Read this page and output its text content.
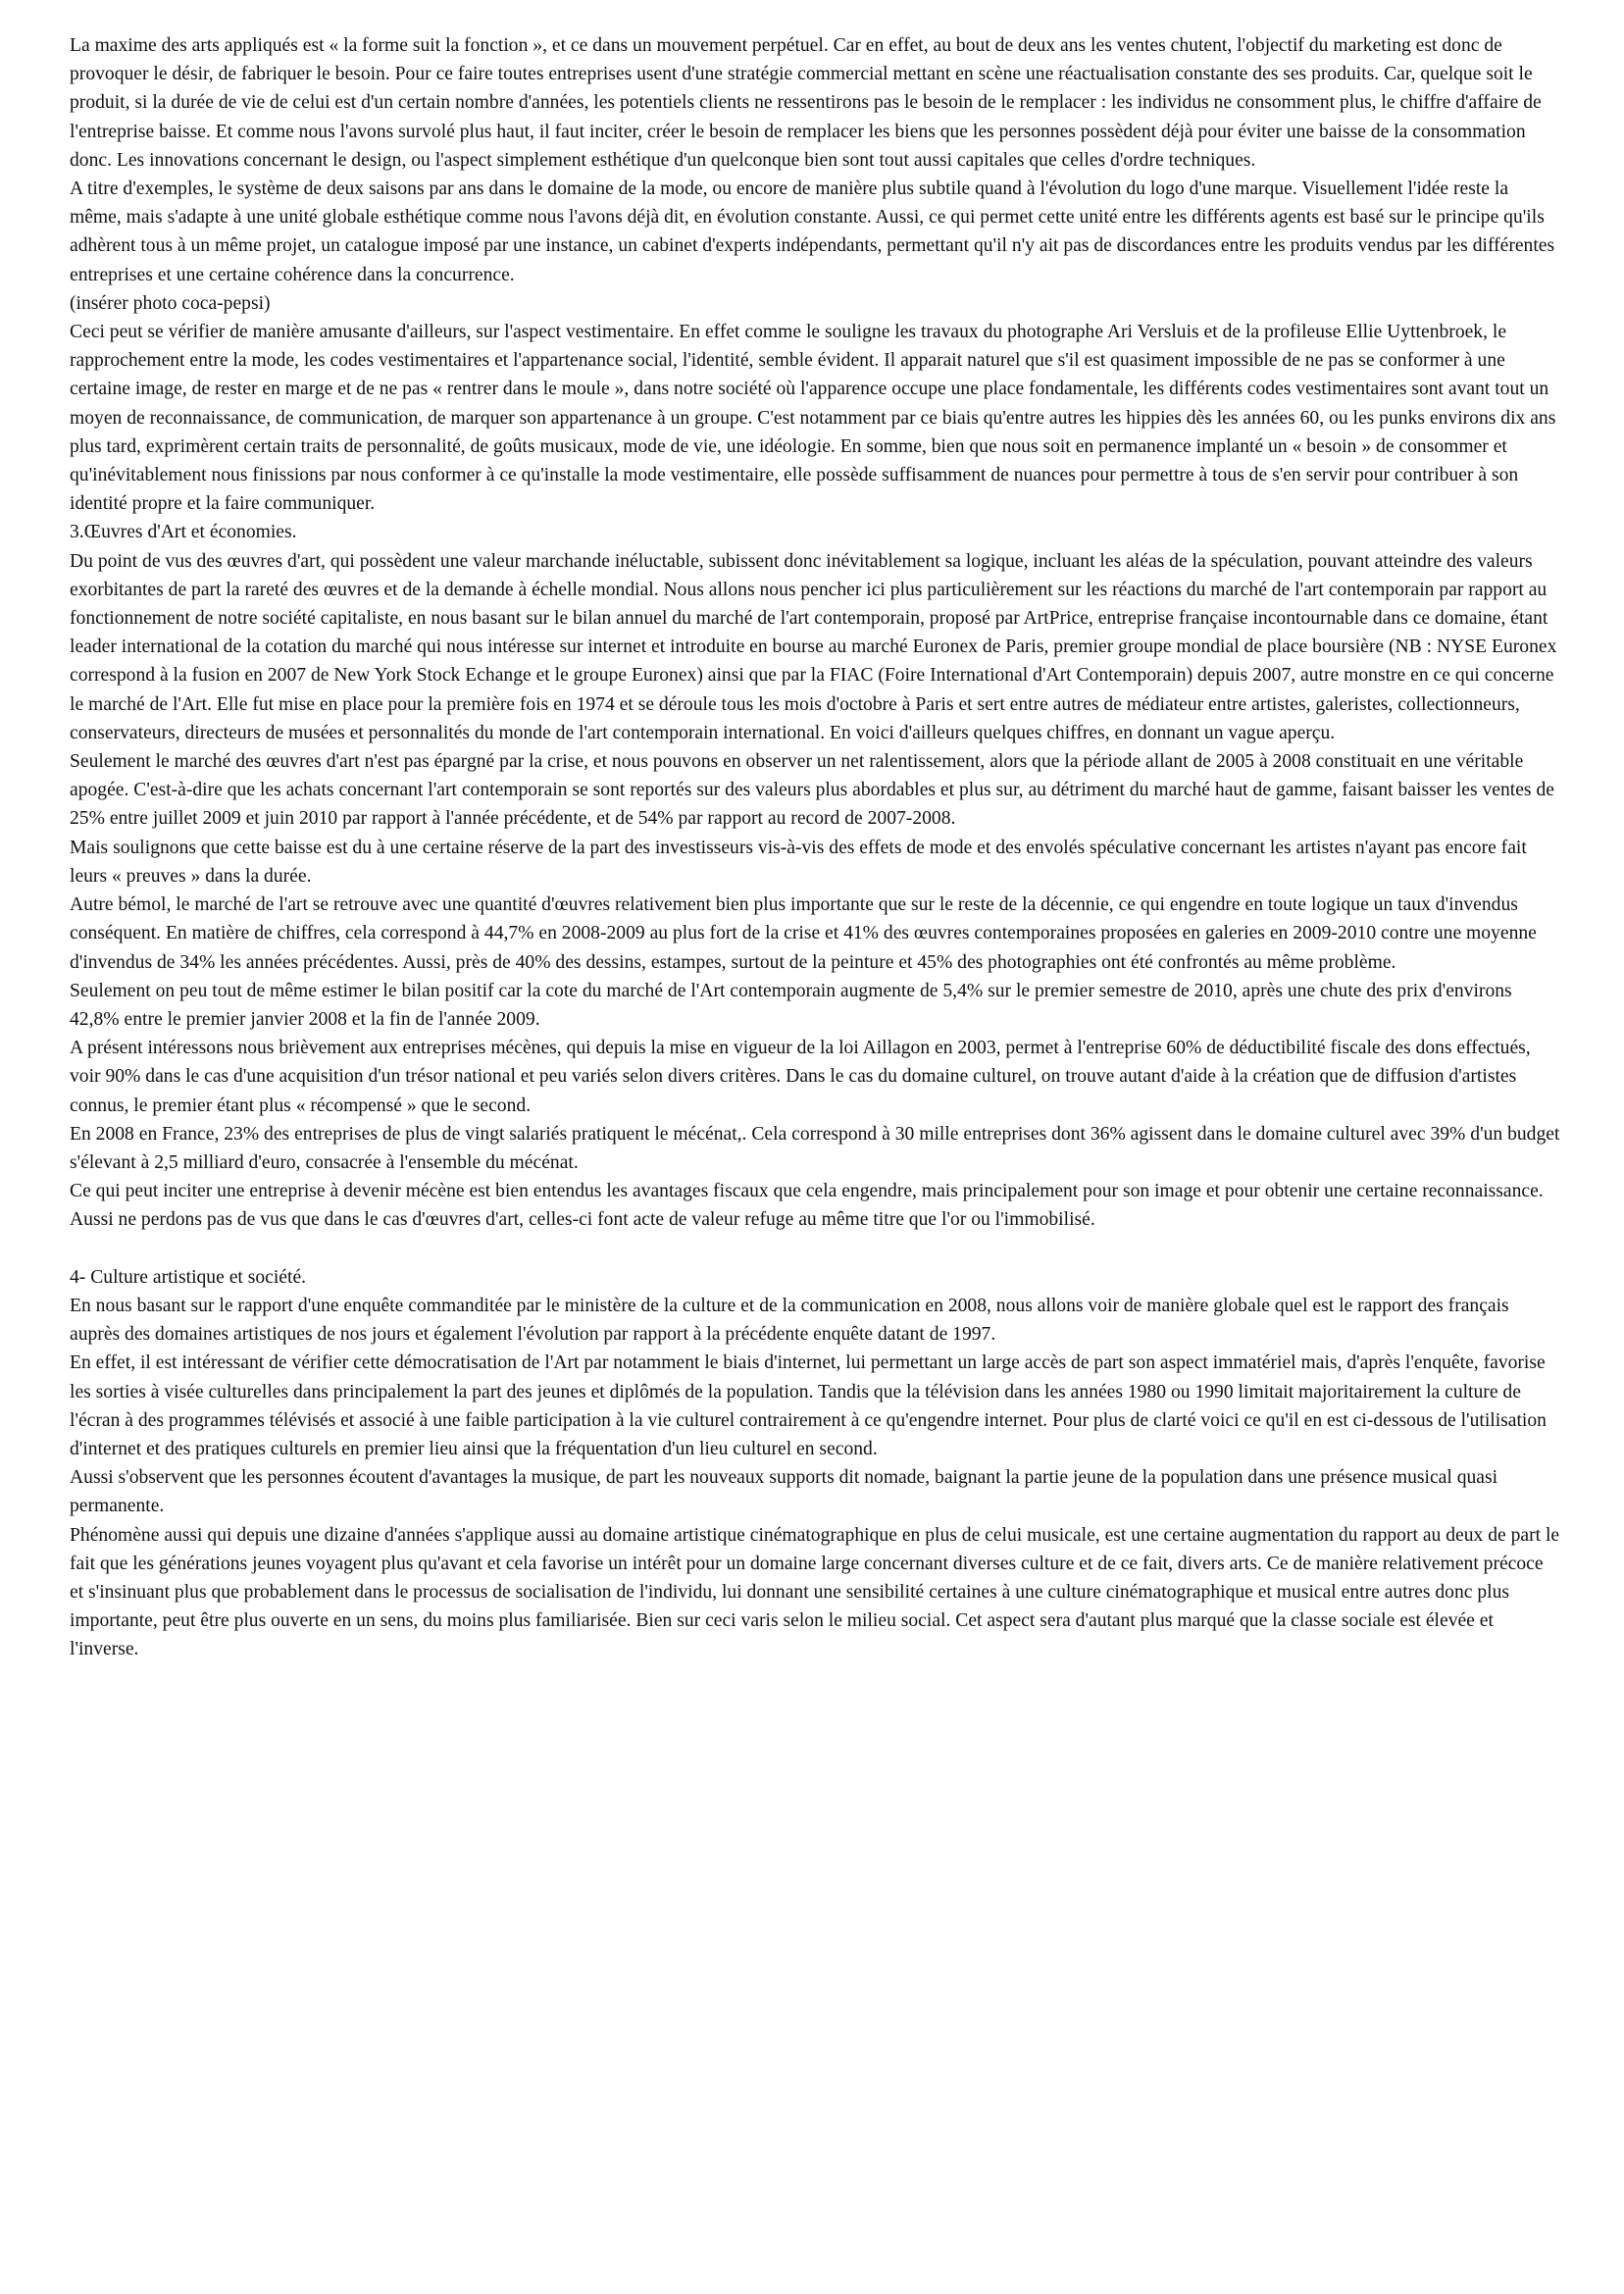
La maxime des arts appliqués est « la forme suit la fonction », et ce dans un mouvement perpétuel. Car en effet, au bout de deux ans les ventes chutent, l'objectif du marketing est donc de provoquer le désir, de fabriquer le besoin. Pour ce faire toutes entreprises usent d'une stratégie commercial mettant en scène une réactualisation constante des ses produits. Car, quelque soit le produit, si la durée de vie de celui est d'un certain nombre d'années, les potentiels clients ne ressentirons pas le besoin de le remplacer : les individus ne consomment plus, le chiffre d'affaire de l'entreprise baisse. Et comme nous l'avons survolé plus haut, il faut inciter, créer le besoin de remplacer les biens que les personnes possèdent déjà pour éviter une baisse de la consommation donc. Les innovations concernant le design, ou l'aspect simplement esthétique d'un quelconque bien sont tout aussi capitales que celles d'ordre techniques.

A titre d'exemples, le système de deux saisons par ans dans le domaine de la mode, ou encore de manière plus subtile quand à l'évolution du logo d'une marque. Visuellement l'idée reste la même, mais s'adapte à une unité globale esthétique comme nous l'avons déjà dit, en évolution constante. Aussi, ce qui permet cette unité entre les différents agents est basé sur le principe qu'ils adhèrent tous à un même projet, un catalogue imposé par une instance, un cabinet d'experts indépendants, permettant qu'il n'y ait pas de discordances entre les produits vendus par les différentes entreprises et une certaine cohérence dans la concurrence.

(insérer photo coca-pepsi)

Ceci peut se vérifier de manière amusante d'ailleurs, sur l'aspect vestimentaire. En effet comme le souligne les travaux du photographe Ari Versluis et de la profileuse Ellie Uyttenbroek, le rapprochement entre la mode, les codes vestimentaires et l'appartenance social, l'identité, semble évident. Il apparait naturel que s'il est quasiment impossible de ne pas se conformer à une certaine image, de rester en marge et de ne pas « rentrer dans le moule », dans notre société où l'apparence occupe une place fondamentale, les différents codes vestimentaires sont avant tout un moyen de reconnaissance, de communication, de marquer son appartenance à un groupe. C'est notamment par ce biais qu'entre autres les hippies dès les années 60, ou les punks environs dix ans plus tard, exprimèrent certain traits de personnalité, de goûts musicaux, mode de vie, une idéologie. En somme, bien que nous soit en permanence implanté un « besoin » de consommer et qu'inévitablement nous finissions par nous conformer à ce qu'installe la mode vestimentaire, elle possède suffisamment de nuances pour permettre à tous de s'en servir pour contribuer à son identité propre et la faire communiquer.

3.Œuvres d'Art et économies.

Du point de vus des œuvres d'art, qui possèdent une valeur marchande inéluctable, subissent donc inévitablement sa logique, incluant les aléas de la spéculation, pouvant atteindre des valeurs exorbitantes de part la rareté des œuvres et de la demande à échelle mondial. Nous allons nous pencher ici plus particulièrement sur les réactions du marché de l'art contemporain par rapport au fonctionnement de notre société capitaliste, en nous basant sur le bilan annuel du marché de l'art contemporain, proposé par ArtPrice, entreprise française incontournable dans ce domaine, étant leader international de la cotation du marché qui nous intéresse sur internet et introduite en bourse au marché Euronex de Paris, premier groupe mondial de place boursière (NB : NYSE Euronex correspond à la fusion en 2007 de New York Stock Echange et le groupe Euronex) ainsi que par la FIAC (Foire International d'Art Contemporain) depuis 2007, autre monstre en ce qui concerne le marché de l'Art. Elle fut mise en place pour la première fois en 1974 et se déroule tous les mois d'octobre à Paris et sert entre autres de médiateur entre artistes, galeristes, collectionneurs, conservateurs, directeurs de musées et personnalités du monde de l'art contemporain international. En voici d'ailleurs quelques chiffres, en donnant un vague aperçu.

Seulement le marché des œuvres d'art n'est pas épargné par la crise, et nous pouvons en observer un net ralentissement, alors que la période allant de 2005 à 2008 constituait en une véritable apogée. C'est-à-dire que les achats concernant l'art contemporain se sont reportés sur des valeurs plus abordables et plus sur, au détriment du marché haut de gamme, faisant baisser les ventes de 25% entre juillet 2009 et juin 2010 par rapport à l'année précédente, et de 54% par rapport au record de 2007-2008.

Mais soulignons que cette baisse est du à une certaine réserve de la part des investisseurs vis-à-vis des effets de mode et des envolés spéculative concernant les artistes n'ayant pas encore fait leurs « preuves » dans la durée.

Autre bémol, le marché de l'art se retrouve avec une quantité d'œuvres relativement bien plus importante que sur le reste de la décennie, ce qui engendre en toute logique un taux d'invendus conséquent. En matière de chiffres, cela correspond à 44,7% en 2008-2009 au plus fort de la crise et 41% des œuvres contemporaines proposées en galeries en 2009-2010 contre une moyenne d'invendus de 34% les années précédentes. Aussi, près de 40% des dessins, estampes, surtout de la peinture et 45% des photographies ont été confrontés au même problème.

Seulement on peu tout de même estimer le bilan positif car la cote du marché de l'Art contemporain augmente de 5,4% sur le premier semestre de 2010, après une chute des prix d'environs 42,8% entre le premier janvier 2008 et la fin de l'année 2009.

A présent intéressons nous brièvement aux entreprises mécènes, qui depuis la mise en vigueur de la loi Aillagon en 2003, permet à l'entreprise 60% de déductibilité fiscale des dons effectués, voir 90% dans le cas d'une acquisition d'un trésor national et peu variés selon divers critères. Dans le cas du domaine culturel, on trouve autant d'aide à la création que de diffusion d'artistes connus, le premier étant plus « récompensé » que le second.

En 2008 en France, 23% des entreprises de plus de vingt salariés pratiquent le mécénat,. Cela correspond à 30 mille entreprises dont 36% agissent dans le domaine culturel avec 39% d'un budget s'élevant à 2,5 milliard d'euro, consacrée à l'ensemble du mécénat.

Ce qui peut inciter une entreprise à devenir mécène est bien entendus les avantages fiscaux que cela engendre, mais principalement pour son image et pour obtenir une certaine reconnaissance. Aussi ne perdons pas de vus que dans le cas d'œuvres d'art, celles-ci font acte de valeur refuge au même titre que l'or ou l'immobilisé.

4- Culture artistique et société.

En nous basant sur le rapport d'une enquête commanditée par le ministère de la culture et de la communication en 2008, nous allons voir de manière globale quel est le rapport des français auprès des domaines artistiques de nos jours et également l'évolution par rapport à la précédente enquête datant de 1997.

En effet, il est intéressant de vérifier cette démocratisation de l'Art par notamment le biais d'internet, lui permettant un large accès de part son aspect immatériel mais, d'après l'enquête, favorise les sorties à visée culturelles dans principalement la part des jeunes et diplômés de la population. Tandis que la télévision dans les années 1980 ou 1990 limitait majoritairement la culture de l'écran à des programmes télévisés et associé à une faible participation à la vie culturel contrairement à ce qu'engendre internet. Pour plus de clarté voici ce qu'il en est ci-dessous de l'utilisation d'internet et des pratiques culturels en premier lieu ainsi que la fréquentation d'un lieu culturel en second.

Aussi s'observent que les personnes écoutent d'avantages la musique, de part les nouveaux supports dit nomade, baignant la partie jeune de la population dans une présence musical quasi permanente.

Phénomène aussi qui depuis une dizaine d'années s'applique aussi au domaine artistique cinématographique en plus de celui musicale, est une certaine augmentation du rapport au deux de part le fait que les générations jeunes voyagent plus qu'avant et cela favorise un intérêt pour un domaine large concernant diverses culture et de ce fait, divers arts. Ce de manière relativement précoce et s'insinuant plus que probablement dans le processus de socialisation de l'individu, lui donnant une sensibilité certaines à une culture cinématographique et musical entre autres donc plus importante, peut être plus ouverte en un sens, du moins plus familiarisée. Bien sur ceci varis selon le milieu social. Cet aspect sera d'autant plus marqué que la classe sociale est élevée et l'inverse.
